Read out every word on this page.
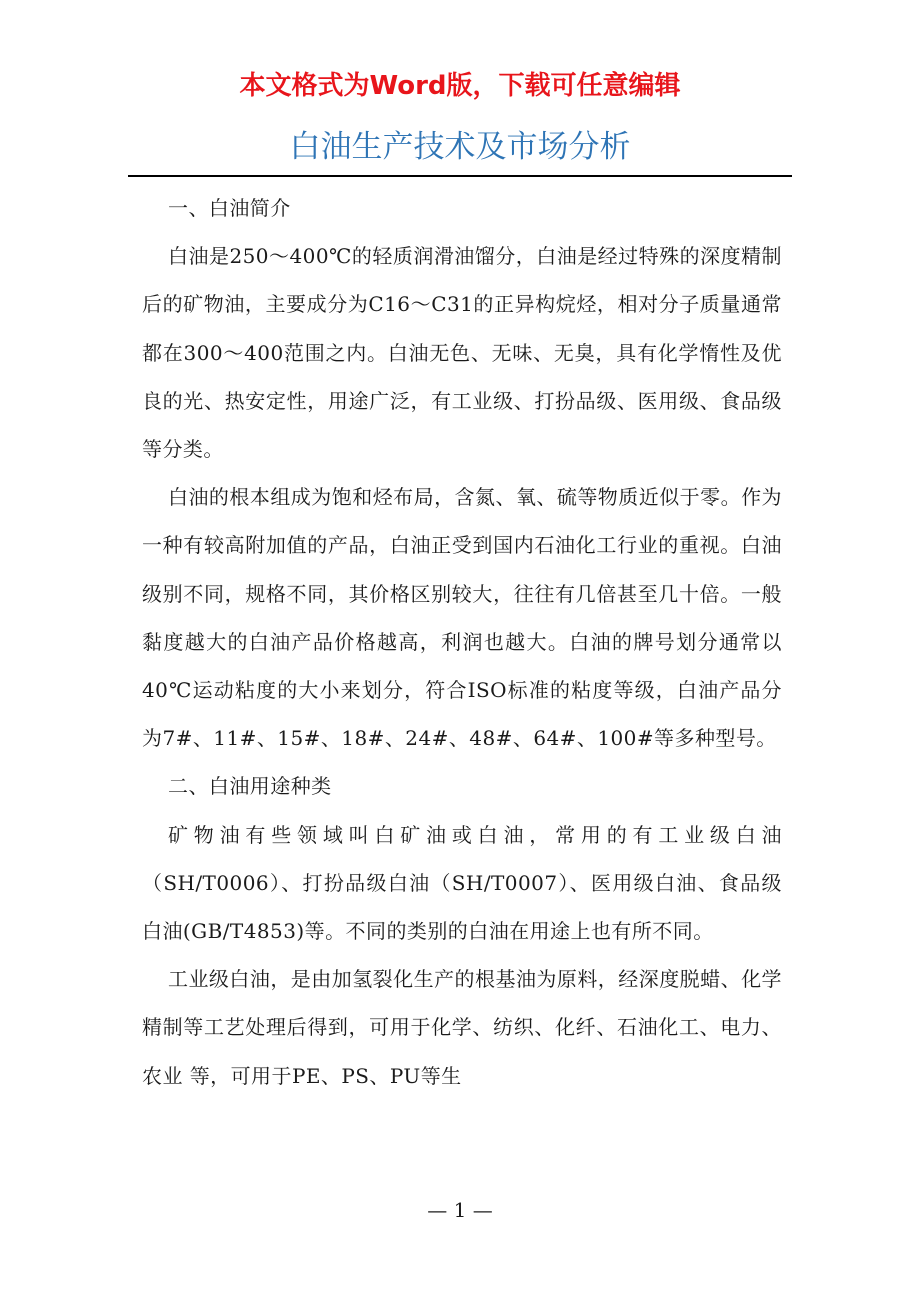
本文格式为Word版，下载可任意编辑
白油生产技术及市场分析

一、白油简介

白油是250～400℃的轻质润滑油馏分，白油是经过特殊的深度精制后的矿物油，主要成分为C16～C31的正异构烷烃，相对分子质量通常都在300～400范围之内。白油无色、无味、无臭，具有化学惰性及优良的光、热安定性，用途广泛，有工业级、打扮品级、医用级、食品级等分类。

白油的根本组成为饱和烃布局，含氮、氧、硫等物质近似于零。作为一种有较高附加值的产品，白油正受到国内石油化工行业的重视。白油级别不同，规格不同，其价格区别较大，往往有几倍甚至几十倍。一般黏度越大的白油产品价格越高，利润也越大。白油的牌号划分通常以40℃运动粘度的大小来划分，符合ISO标准的粘度等级，白油产品分为7#、11#、15#、18#、24#、48#、64#、100#等多种型号。

二、白油用途种类

矿物油有些领域叫白矿油或白油，常用的有工业级白油（SH/T0006）、打扮品级白油（SH/T0007）、医用级白油、食品级白油(GB/T4853)等。不同的类别的白油在用途上也有所不同。

工业级白油，是由加氢裂化生产的根基油为原料，经深度脱蜡、化学精制等工艺处理后得到，可用于化学、纺织、化纤、石油化工、电力、农业 等，可用于PE、PS、PU等生

— 1 —
